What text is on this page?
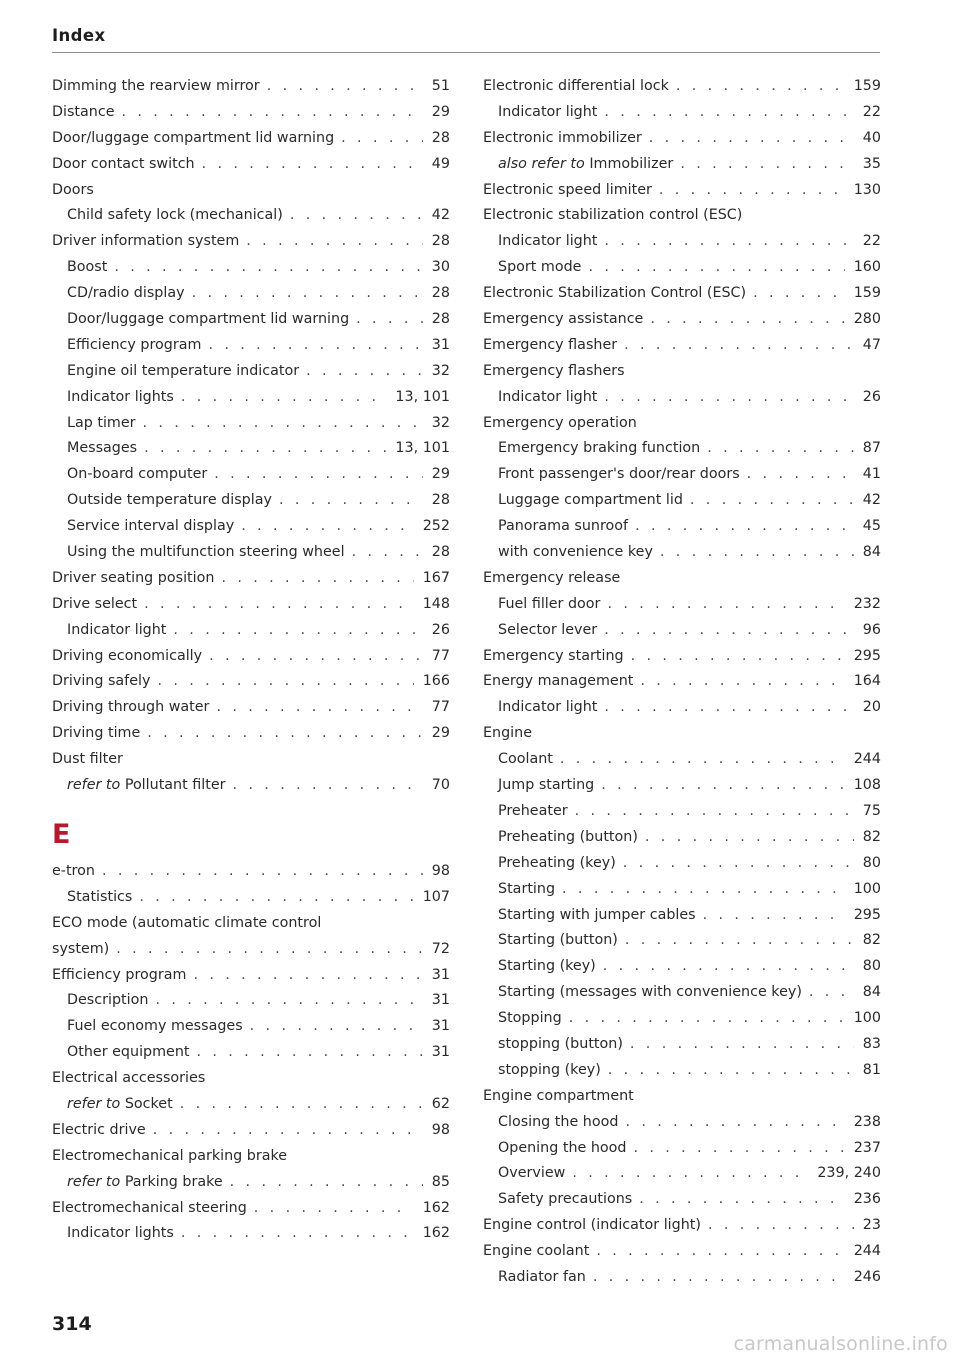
Index
Dimming the rearview mirror . . .	51
Distance . . .	29
Door/luggage compartment lid warning . . .	28
Door contact switch . . .	49
Doors
Child safety lock (mechanical) . . .	42
Driver information system . . .	28
Boost . . .	30
CD/radio display . . .	28
Door/luggage compartment lid warning . . .	28
Efficiency program . . .	31
Engine oil temperature indicator . . .	32
Indicator lights . . .	13, 101
Lap timer . . .	32
Messages . . .	13, 101
On-board computer . . .	29
Outside temperature display . . .	28
Service interval display . . .	252
Using the multifunction steering wheel . . .	28
Driver seating position . . .	167
Drive select . . .	148
Indicator light . . .	26
Driving economically . . .	77
Driving safely . . .	166
Driving through water . . .	77
Driving time . . .	29
Dust filter
refer to Pollutant filter . . .	70
E
e-tron . . .	98
Statistics . . .	107
ECO mode (automatic climate control
system) . . .	72
Efficiency program . . .	31
Description . . .	31
Fuel economy messages . . .	31
Other equipment . . .	31
Electrical accessories
refer to Socket . . .	62
Electric drive . . .	98
Electromechanical parking brake
refer to Parking brake . . .	85
Electromechanical steering . . .	162
Indicator lights . . .	162
Electronic differential lock . . .	159
Indicator light . . .	22
Electronic immobilizer . . .	40
also refer to Immobilizer . . .	35
Electronic speed limiter . . .	130
Electronic stabilization control (ESC)
Indicator light . . .	22
Sport mode . . .	160
Electronic Stabilization Control (ESC) . . .	159
Emergency assistance . . .	280
Emergency flasher . . .	47
Emergency flashers
Indicator light . . .	26
Emergency operation
Emergency braking function . . .	87
Front passenger's door/rear doors . . .	41
Luggage compartment lid . . .	42
Panorama sunroof . . .	45
with convenience key . . .	84
Emergency release
Fuel filler door . . .	232
Selector lever . . .	96
Emergency starting . . .	295
Energy management . . .	164
Indicator light . . .	20
Engine
Coolant . . .	244
Jump starting . . .	108
Preheater . . .	75
Preheating (button) . . .	82
Preheating (key) . . .	80
Starting . . .	100
Starting with jumper cables . . .	295
Starting (button) . . .	82
Starting (key) . . .	80
Starting (messages with convenience key) . . .	84
Stopping . . .	100
stopping (button) . . .	83
stopping (key) . . .	81
Engine compartment
Closing the hood . . .	238
Opening the hood . . .	237
Overview . . .	239, 240
Safety precautions . . .	236
Engine control (indicator light) . . .	23
Engine coolant . . .	244
Radiator fan . . .	246
314
carmanualsonline.info
